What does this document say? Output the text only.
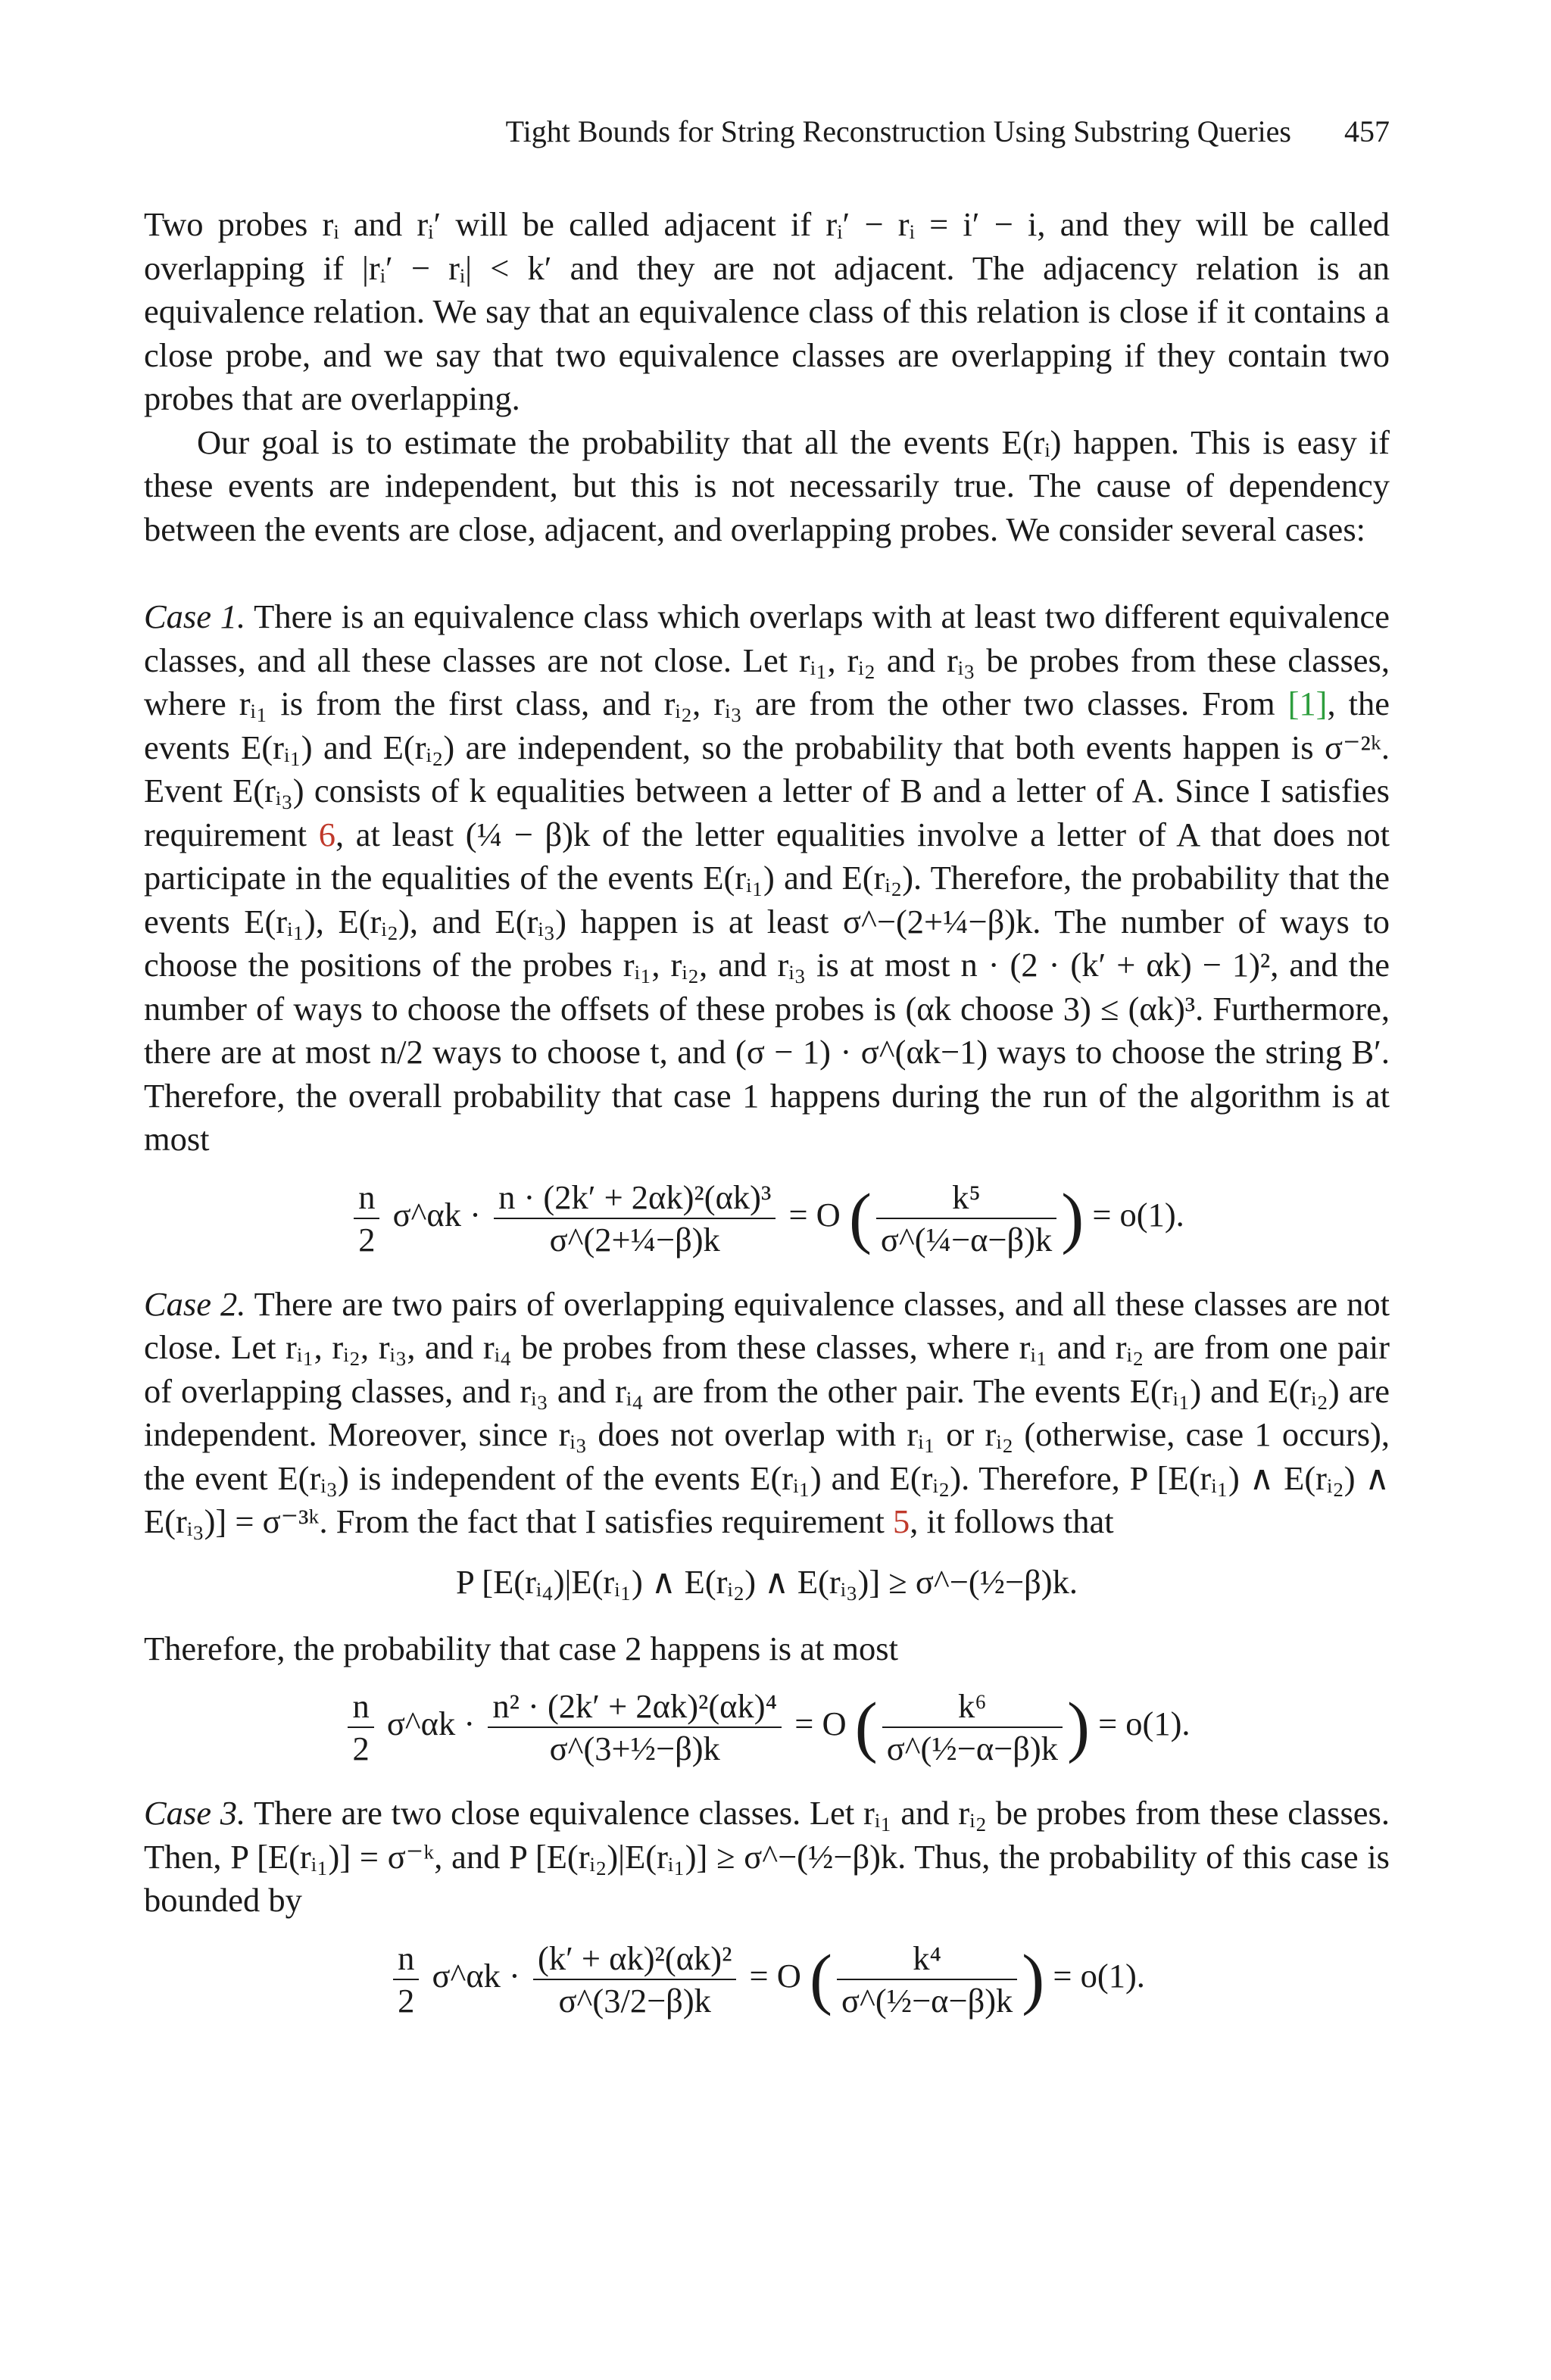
Tight Bounds for String Reconstruction Using Substring Queries 457

Two probes rᵢ and rᵢ′ will be called adjacent if rᵢ′ − rᵢ = i′ − i, and they will be called overlapping if |rᵢ′ − rᵢ| < k′ and they are not adjacent. The adjacency relation is an equivalence relation. We say that an equivalence class of this relation is close if it contains a close probe, and we say that two equivalence classes are overlapping if they contain two probes that are overlapping.

Our goal is to estimate the probability that all the events E(rᵢ) happen. This is easy if these events are independent, but this is not necessarily true. The cause of dependency between the events are close, adjacent, and overlapping probes. We consider several cases:

Case 1. There is an equivalence class which overlaps with at least two different equivalence classes, and all these classes are not close. Let rᵢ₁, rᵢ₂ and rᵢ₃ be probes from these classes, where rᵢ₁ is from the first class, and rᵢ₂, rᵢ₃ are from the other two classes. From [1], the events E(rᵢ₁) and E(rᵢ₂) are independent, so the probability that both events happen is σ⁻²ᵏ. Event E(rᵢ₃) consists of k equalities between a letter of B and a letter of A. Since I satisfies requirement 6, at least (¼ − β)k of the letter equalities involve a letter of A that does not participate in the equalities of the events E(rᵢ₁) and E(rᵢ₂). Therefore, the probability that the events E(rᵢ₁), E(rᵢ₂), and E(rᵢ₃) happen is at least σ^−(2+¼−β)k. The number of ways to choose the positions of the probes rᵢ₁, rᵢ₂, and rᵢ₃ is at most n · (2 · (k′ + αk) − 1)², and the number of ways to choose the offsets of these probes is (αk choose 3) ≤ (αk)³. Furthermore, there are at most n/2 ways to choose t, and (σ − 1) · σ^(αk−1) ways to choose the string B′. Therefore, the overall probability that case 1 happens during the run of the algorithm is at most

$\frac{n}{2}$ σ^αk · $\frac{\text{n · (2k′ + 2αk)²(αk)³}}{\text{σ\textasciicircum{}(2+¼−β)k}} = O$ ( $\frac{\text{k⁵}}{\text{σ\textasciicircum{}(¼−α−β)k}}$ ) = o(1).

Case 2. There are two pairs of overlapping equivalence classes, and all these classes are not close. Let rᵢ₁, rᵢ₂, rᵢ₃, and rᵢ₄ be probes from these classes, where rᵢ₁ and rᵢ₂ are from one pair of overlapping classes, and rᵢ₃ and rᵢ₄ are from the other pair. The events E(rᵢ₁) and E(rᵢ₂) are independent. Moreover, since rᵢ₃ does not overlap with rᵢ₁ or rᵢ₂ (otherwise, case 1 occurs), the event E(rᵢ₃) is independent of the events E(rᵢ₁) and E(rᵢ₂). Therefore, P [E(rᵢ₁) ∧ E(rᵢ₂) ∧ E(rᵢ₃)] = σ⁻³ᵏ. From the fact that I satisfies requirement 5, it follows that

P [E(rᵢ₄)|E(rᵢ₁) ∧ E(rᵢ₂) ∧ E(rᵢ₃)] ≥ σ^−(½−β)k.

Therefore, the probability that case 2 happens is at most

$\frac{n}{2}$ σ^αk · $\frac{\text{n² · (2k′ + 2αk)²(αk)⁴}}{\text{σ\textasciicircum{}(3+½−β)k}} = O$ ( $\frac{\text{k⁶}}{\text{σ\textasciicircum{}(½−α−β)k}}$ ) = o(1).

Case 3. There are two close equivalence classes. Let rᵢ₁ and rᵢ₂ be probes from these classes. Then, P [E(rᵢ₁)] = σ⁻ᵏ, and P [E(rᵢ₂)|E(rᵢ₁)] ≥ σ^−(½−β)k. Thus, the probability of this case is bounded by

$\frac{n}{2}$ σ^αk · $\frac{\text{(k′ + αk)²(αk)²}}{\sigma\^{}(3/2-\beta)k} = O$ ( $\frac{\text{k⁴}}{\text{σ\textasciicircum{}(½−α−β)k}}$ ) = o(1).
